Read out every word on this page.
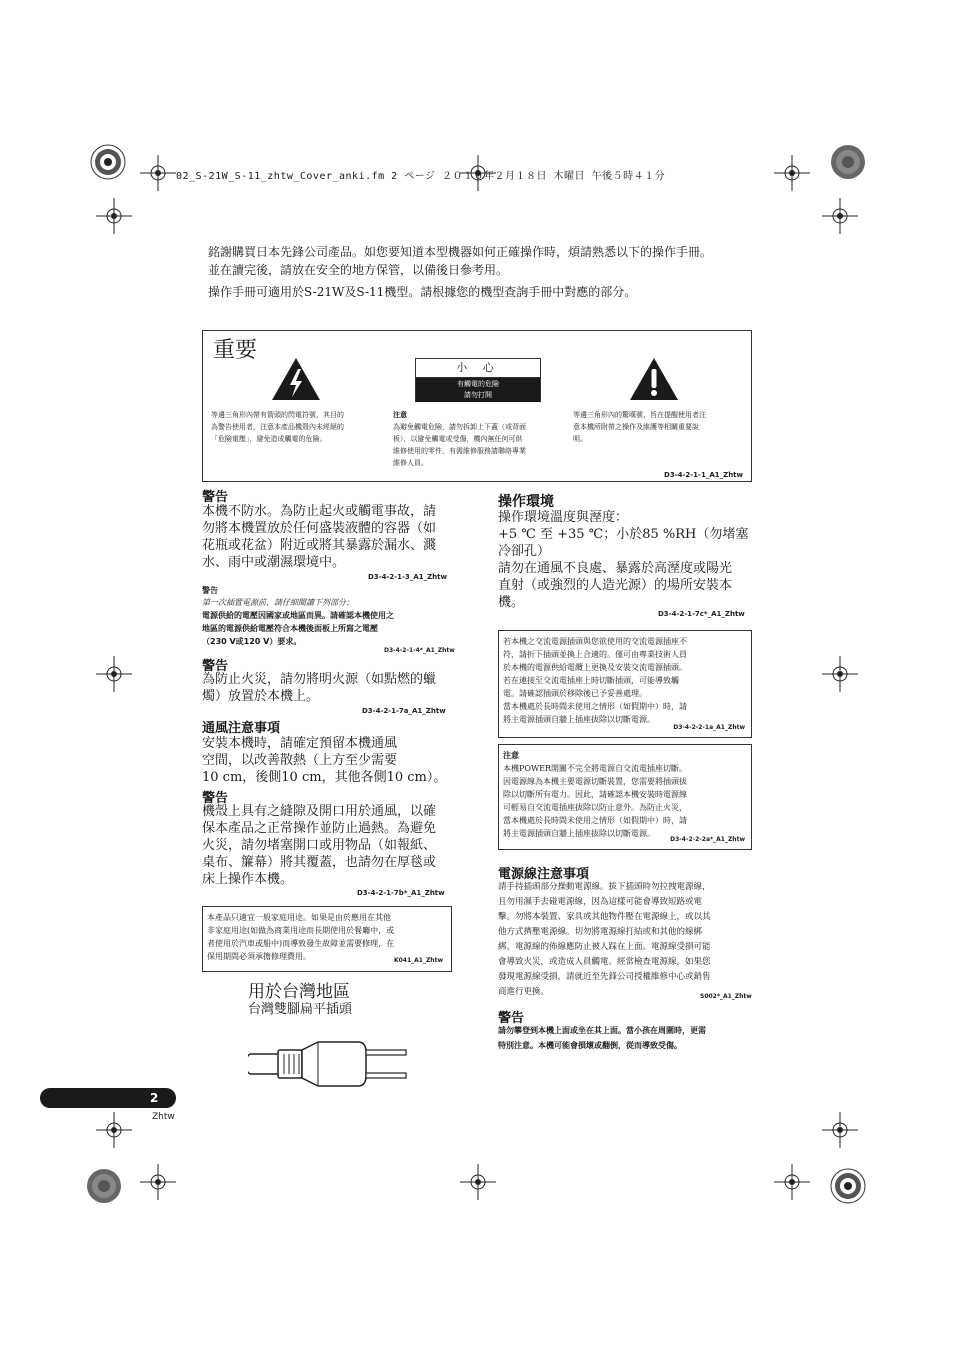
02_S-21W_S-11_zhtw_Cover_anki.fm 2 ページ ２０１０年２月１８日 木曜日 午後５時４１分

銘謝購買日本先鋒公司產品。如您要知道本型機器如何正確操作時，煩請熟悉以下的操作手冊。

並在讀完後，請放在安全的地方保管，以備後日參考用。

操作手冊可適用於S-21W及S-11機型。請根據您的機型查詢手冊中對應的部分。

重要
小 心
有觸電的危險
請勿打開
等邊三角形內帶有箭頭的閃電符號，其目的
為警告使用者，注意本產品機殼內未經絕的
「危險電壓」，避免造成觸電的危險。
注意
為避免觸電危險，請勿拆卸上下蓋（或背面
板），以避免觸電或受傷，機內無任何可供
維修使用的零件，有需維修服務請聯絡專業
維修人員。
等邊三角形內的驚嘆號，旨在提醒使用者注
意本機所附帶之操作及維護等相關重要說
明。
D3-4-2-1-1_A1_Zhtw
警告
本機不防水。為防止起火或觸電事故，請
勿將本機置放於任何盛裝液體的容器（如
花瓶或花盆）附近或將其暴露於漏水、濺
水、雨中或潮濕環境中。
D3-4-2-1-3_A1_Zhtw
警告
第一次插置電源前，請仔細閱讀下列部分；
電源供給的電壓因國家或地區而異。請確認本機使用之
地區的電源供給電壓符合本機後面板上所寫之電壓
（230 V或120 V）要求。
D3-4-2-1-4*_A1_Zhtw
警告
為防止火災，請勿將明火源（如點燃的蠟
燭）放置於本機上。
D3-4-2-1-7a_A1_Zhtw
通風注意事項
安裝本機時，請確定預留本機通風
空間，以改善散熱（上方至少需要
10 cm，後側10 cm，其他各側10 cm）。
警告
機殼上具有之縫隙及開口用於通風，以確
保本產品之正常操作並防止過熱。為避免
火災，請勿堵塞開口或用物品（如報紙、
桌布、簾幕）將其覆蓋，也請勿在厚毯或
床上操作本機。
D3-4-2-1-7b*_A1_Zhtw
本產品只適宜一般家庭用途。如果是由於應用在其他
非家庭用途(如做為商業用途而長期使用於餐廳中，或
者使用於汽車或船中)而導致發生故障並需要修理，在
保用期間必須承擔修理費用。	K041_A1_Zhtw
用於台灣地區
台灣雙腳扁平插頭
操作環境
操作環境溫度與溼度：
+5 ℃ 至 +35 ℃；小於85 %RH（勿堵塞
冷卻孔）
請勿在通風不良處、暴露於高溼度或陽光
直射（或強烈的人造光源）的場所安裝本
機。
D3-4-2-1-7c*_A1_Zhtw
若本機之交流電源插頭與您欲使用的交流電源插座不
符，請折下插頭並換上合適的。僅可由專業技術人員
於本機的電源供給電纜上更換及安裝交流電源插頭。
若在連接至交流電插座上時切斷插頭，可能導致觸
電。請確認插頭於移除後已予妥善處理。
當本機處於長時間未使用之情形（如假期中）時，請
將主電源插頭自牆上插座拔除以切斷電源。
D3-4-2-2-1a_A1_Zhtw
注意
本機POWER開關不完全將電源自交流電插座切斷。
因電源線為本機主要電源切斷裝置，您需要將插頭拔
除以切斷所有電力。因此，請確認本機安裝時電源線
可輕易自交流電插座拔除以防止意外。為防止火災，
當本機處於長時間未使用之情形（如假期中）時，請
將主電源插頭自牆上插座拔除以切斷電源。
D3-4-2-2-2a*_A1_Zhtw
電源線注意事項
請手持插頭部分操動電源線。拔下插頭時勿拉拽電源線，
且勿用濕手去碰電源線，因為這樣可能會導致短路或電
擊。勿將本裝置、家具或其他物件壓在電源線上，或以其
他方式擠壓電源線。切勿將電源線打結或和其他的線綁
綁。電源線的佈線應防止被人踩在上面。電源線受損可能
會導致火災，或造成人員觸電。經常檢查電源線。如果您
發現電源線受損，請就近至先鋒公司授權維修中心或銷售
商進行更換。	S002*_A1_Zhtw
警告
請勿攀登到本機上面或坐在其上面。當小孩在周圍時，更需
特別注意。本機可能會損壞或翻倒，從而導致受傷。
2
Zhtw
